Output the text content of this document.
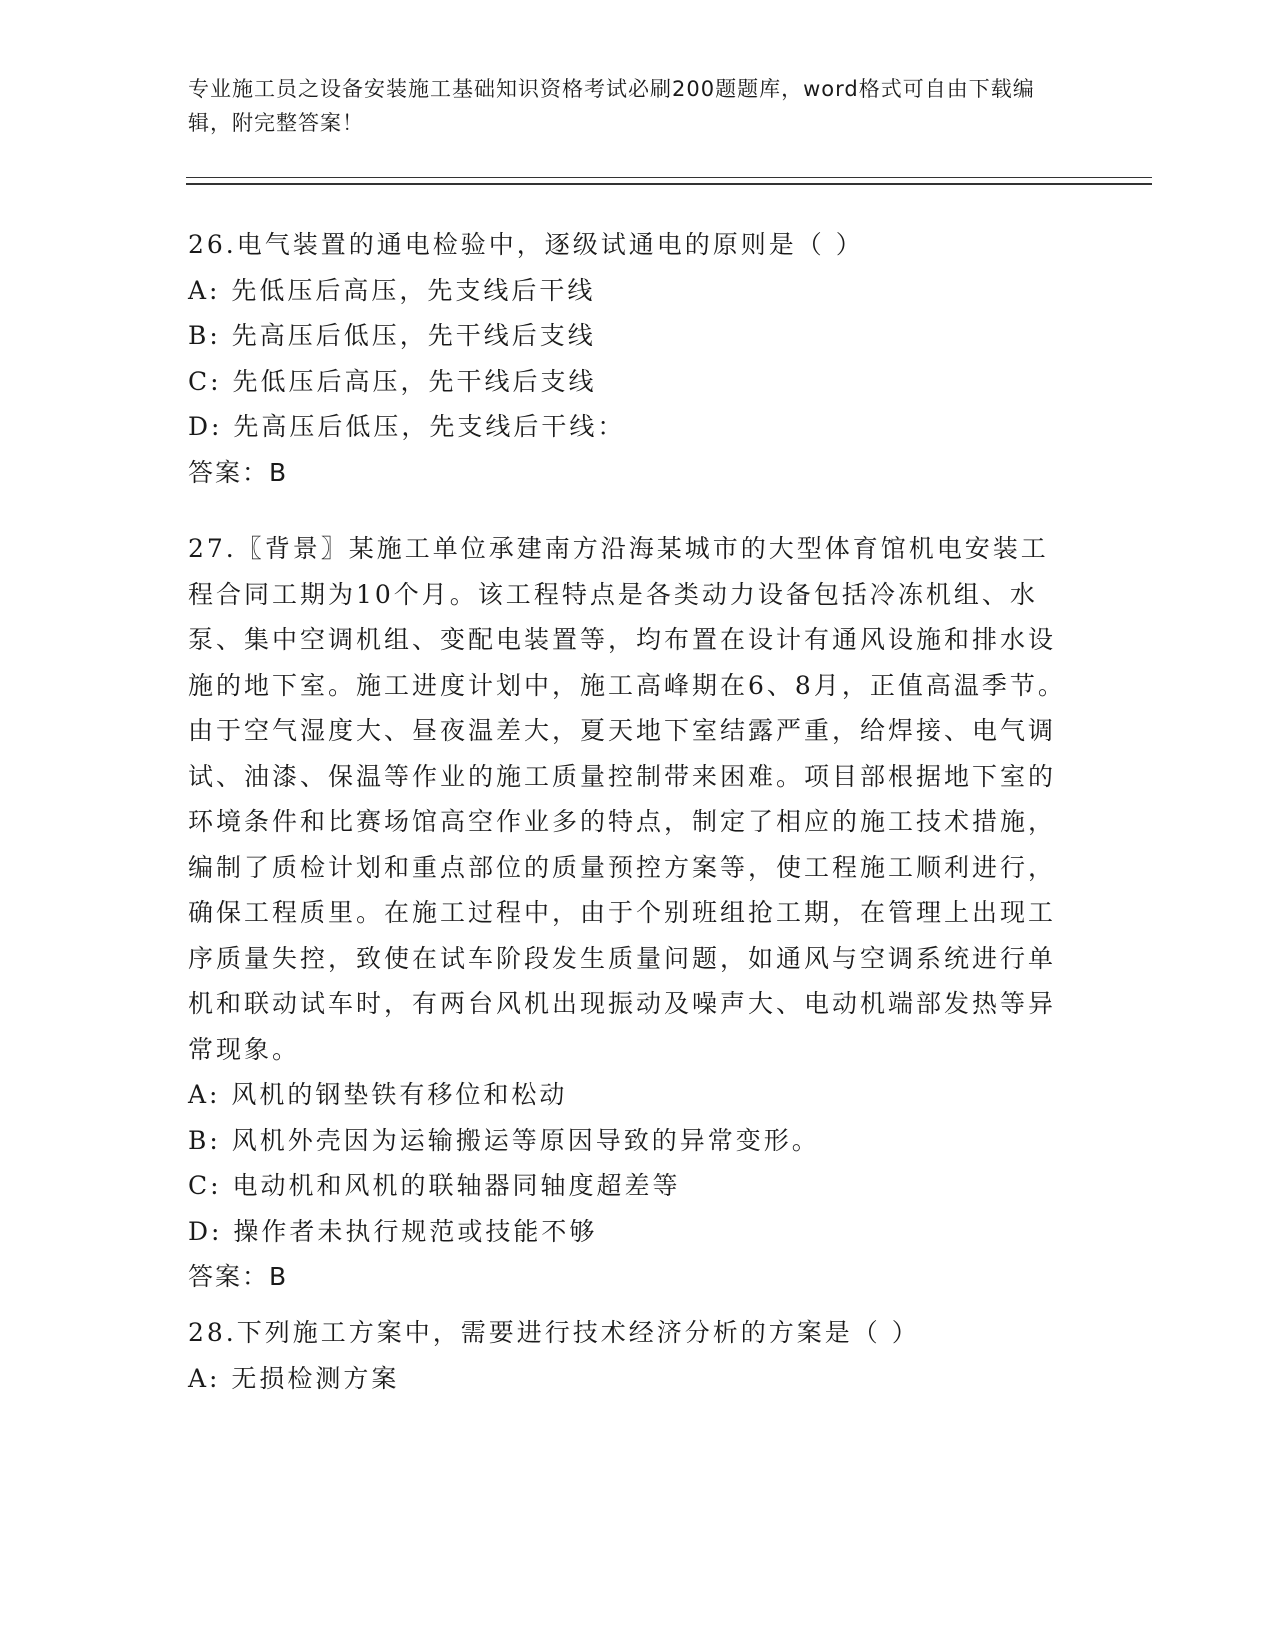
专业施工员之设备安装施工基础知识资格考试必刷200题题库，word格式可自由下载编辑，附完整答案！
26.电气装置的通电检验中，逐级试通电的原则是（ ）
A: 先低压后高压，先支线后干线
B: 先高压后低压，先干线后支线
C: 先低压后高压，先干线后支线
D: 先高压后低压，先支线后干线：
答案：B
27.〖背景〗某施工单位承建南方沿海某城市的大型体育馆机电安装工程合同工期为10个月。该工程特点是各类动力设备包括冷冻机组、水泵、集中空调机组、变配电装置等，均布置在设计有通风设施和排水设施的地下室。施工进度计划中，施工高峰期在6、8月，正值高温季节。由于空气湿度大、昼夜温差大，夏天地下室结露严重，给焊接、电气调试、油漆、保温等作业的施工质量控制带来困难。项目部根据地下室的环境条件和比赛场馆高空作业多的特点，制定了相应的施工技术措施，编制了质检计划和重点部位的质量预控方案等，使工程施工顺利进行，确保工程质里。在施工过程中，由于个别班组抢工期，在管理上出现工序质量失控，致使在试车阶段发生质量问题，如通风与空调系统进行单机和联动试车时，有两台风机出现振动及噪声大、电动机端部发热等异常现象。
A: 风机的钢垫铁有移位和松动
B: 风机外壳因为运输搬运等原因导致的异常变形。
C: 电动机和风机的联轴器同轴度超差等
D: 操作者未执行规范或技能不够
答案：B
28.下列施工方案中，需要进行技术经济分析的方案是（ ）
A: 无损检测方案
